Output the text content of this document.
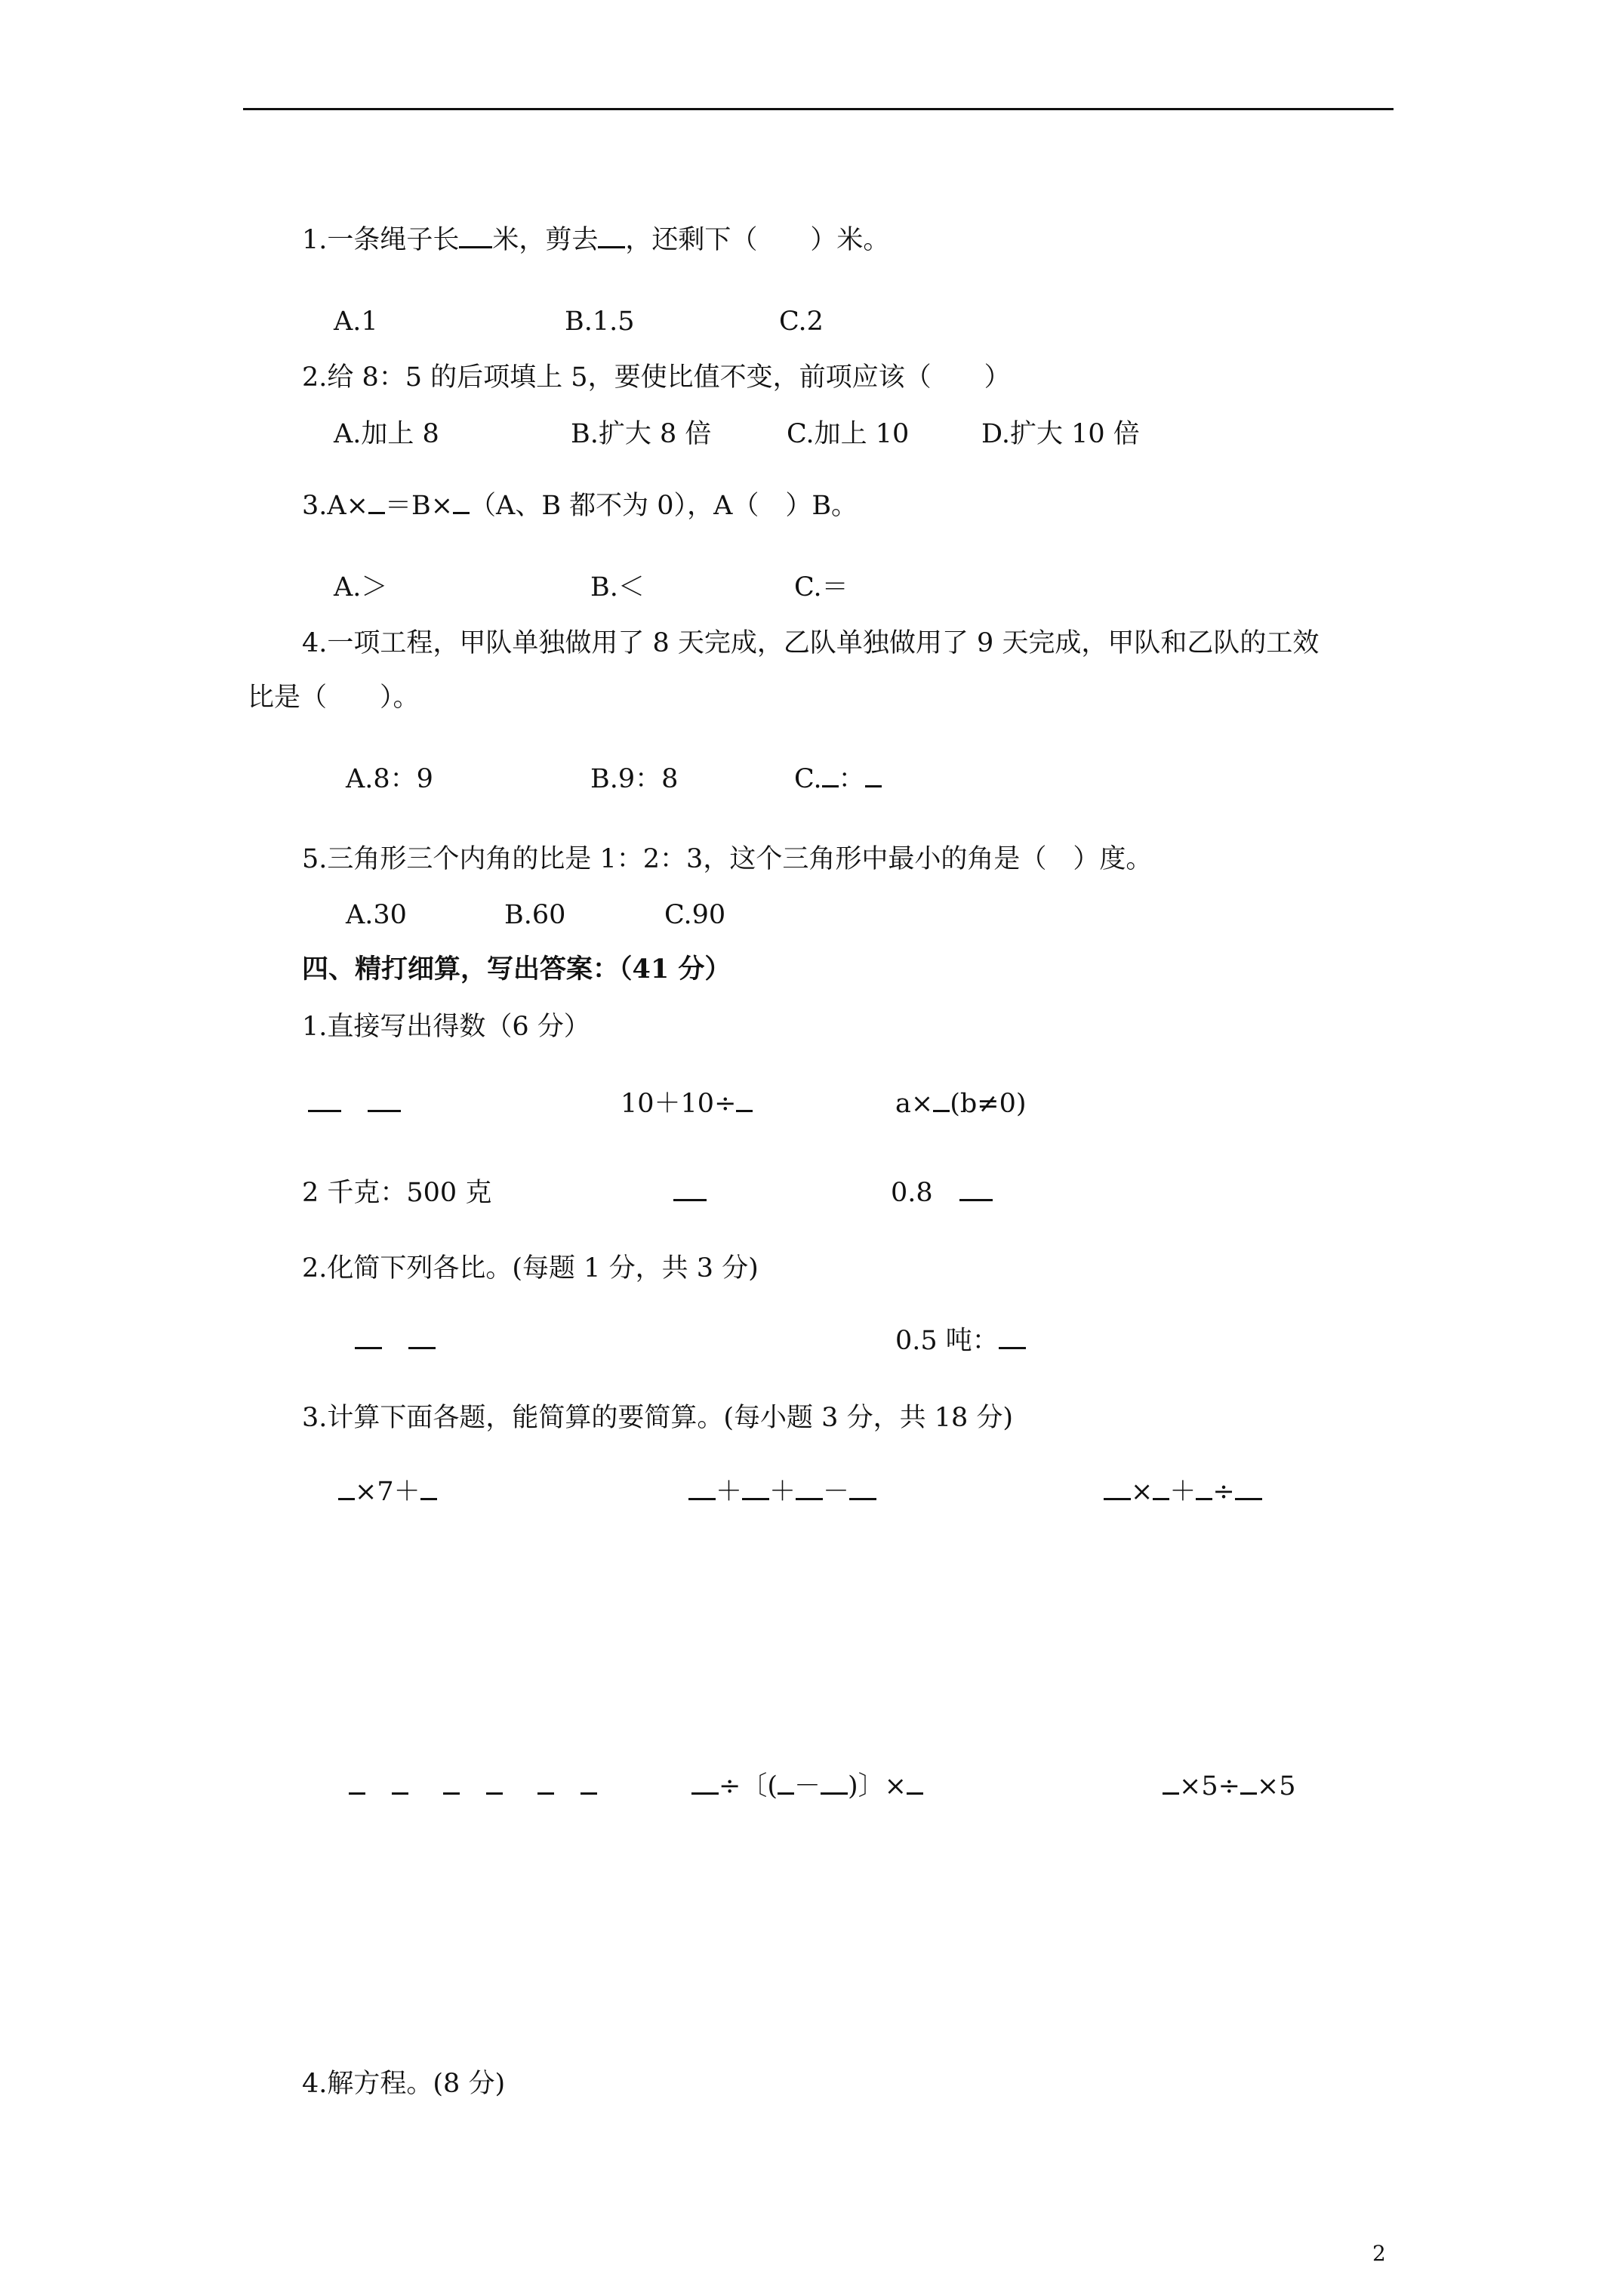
1.一条绳子长 米，剪去 ，还剩下（　　）米。
A.1	B.1.5	C.2
2.给 8：5 的后项填上 5，要使比值不变，前项应该（　　）
A.加上 8	B.扩大 8 倍	C.加上 10	D.扩大 10 倍
3.A× ＝B× （A、B 都不为 0），A（　）B。
A.＞	B.＜	C.＝
4.一项工程，甲队单独做用了 8 天完成，乙队单独做用了 9 天完成，甲队和乙队的工效
比是（　　）。
A.8：9	B.9：8	C. ：
5.三角形三个内角的比是 1：2：3，这个三角形中最小的角是（　）度。
A.30	B.60	C.90
四、精打细算，写出答案：（41 分）
1.直接写出得数（6 分）

10＋10÷	a× (b≠0)
2 千克：500 克	0.8　
2.化简下列各比。(每题 1 分，共 3 分)

0.5 吨：
3.计算下面各题，能简算的要简算。(每小题 3 分，共 18 分)
×7＋	＋ ＋ －	× ＋ ÷

÷〔( － )〕×	×5÷ ×5
4.解方程。(8 分)
2
